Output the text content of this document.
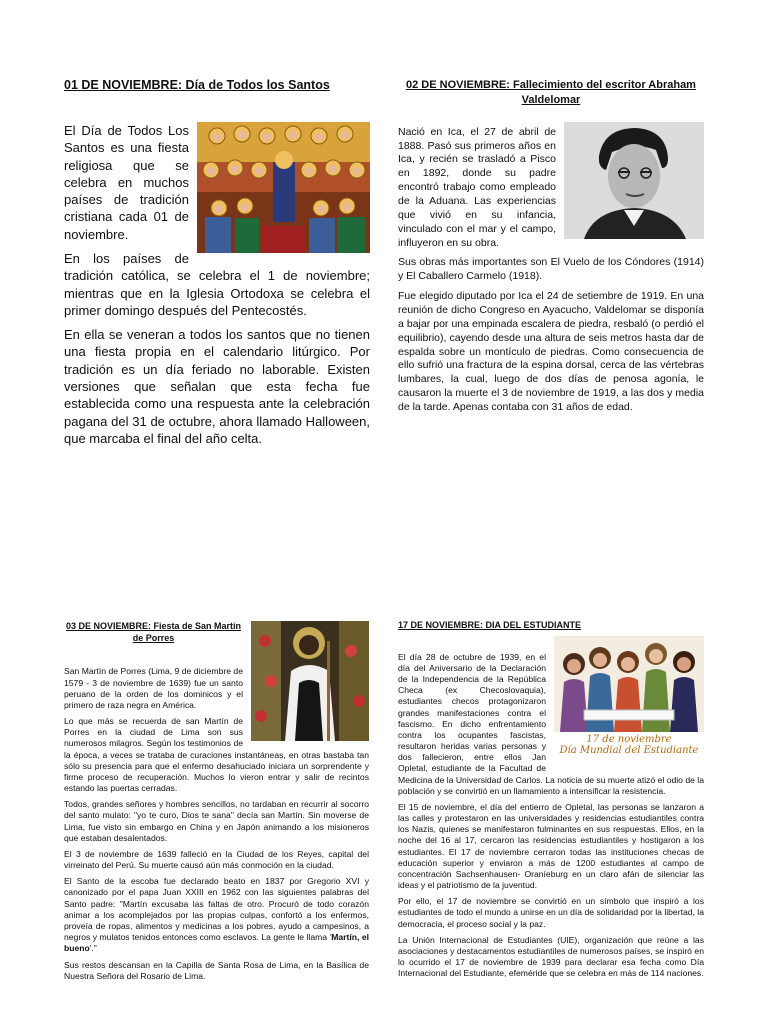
01 DE NOVIEMBRE: Día de Todos los Santos

El Día de Todos Los Santos es una fiesta religiosa que se celebra en muchos países de tradición cristiana cada 01 de noviembre.

En los países de tradición católica, se celebra el 1 de noviembre; mientras que en la Iglesia Ortodoxa se celebra el primer domingo después del Pentecostés.

En ella se veneran a todos los santos que no tienen una fiesta propia en el calendario litúrgico. Por tradición es un día feriado no laborable. Existen versiones que señalan que esta fecha fue establecida como una respuesta ante la celebración pagana del 31 de octubre, ahora llamado Halloween, que marcaba el final del año celta.

02 DE NOVIEMBRE: Fallecimiento del escritor Abraham Valdelomar

Nació en Ica, el 27 de abril de 1888. Pasó sus primeros años en Ica, y recién se trasladó a Pisco en 1892, donde su padre encontró trabajo como empleado de la Aduana. Las experiencias que vivió en su infancia, vinculado con el mar y el campo, influyeron en su obra.

Sus obras más importantes son El Vuelo de los Cóndores (1914) y El Caballero Carmelo (1918).

Fue elegido diputado por Ica el 24 de setiembre de 1919. En una reunión de dicho Congreso en Ayacucho, Valdelomar se disponía a bajar por una empinada escalera de piedra, resbaló (o perdió el equilibrio), cayendo desde una altura de seis metros hasta dar de espalda sobre un montículo de piedras. Como consecuencia de ello sufrió una fractura de la espina dorsal, cerca de las vértebras lumbares, la cual, luego de dos días de penosa agonía, le causaron la muerte el 3 de noviembre de 1919, a las dos y media de la tarde. Apenas contaba con 31 años de edad.

03 DE NOVIEMBRE: Fiesta de San Martín de Porres

San Martín de Porres (Lima, 9 de diciembre de 1579 - 3 de noviembre de 1639) fue un santo peruano de la orden de los dominicos y el primero de raza negra en América.

Lo que más se recuerda de san Martín de Porres en la ciudad de Lima son sus numerosos milagros. Según los testimonios de la época, a veces se trataba de curaciones instantáneas, en otras bastaba tan sólo su presencia para que el enfermo desahuciado iniciara un sorprendente y firme proceso de recuperación. Muchos lo vieron entrar y salir de recintos estando las puertas cerradas.

Todos, grandes señores y hombres sencillos, no tardaban en recurrir al socorro del santo mulato: "yo te curo, Dios te sana" decía san Martín. Sin moverse de Lima, fue visto sin embargo en China y en Japón animando a los misioneros que estaban desalentados.

El 3 de noviembre de 1639 falleció en la Ciudad de los Reyes, capital del virreinato del Perú. Su muerte causó aún más conmoción en la ciudad.

El Santo de la escoba fue declarado beato en 1837 por Gregorio XVI y canonizado por el papa Juan XXIII en 1962 con las siguientes palabras del Santo padre: "Martín excusaba las faltas de otro. Procuró de todo corazón animar a los acomplejados por las propias culpas, confortó a los enfermos, proveía de ropas, alimentos y medicinas a los pobres, ayudo a campesinos, a negros y mulatos tenidos entonces como esclavos. La gente le llama 'Martín, el bueno'."

Sus restos descansan en la Capilla de Santa Rosa de Lima, en la Basílica de Nuestra Señora del Rosario de Lima.

17 DE NOVIEMBRE: DIA DEL ESTUDIANTE
17 de noviembre
Día Mundial del Estudiante

El día 28 de octubre de 1939, en el día del Aniversario de la Declaración de la Independencia de la República Checa (ex Checoslovaquia), estudiantes checos protagonizaron grandes manifestaciones contra el fascismo. En dicho enfrentamiento contra los ocupantes fascistas, resultaron heridas varias personas y dos fallecieron, entre ellos Jan Opletal, estudiante de la Facultad de Medicina de la Universidad de Carlos. La noticia de su muerte atizó el odio de la población y se convirtió en un llamamiento a intensificar la resistencia.

El 15 de noviembre, el día del entierro de Opletal, las personas se lanzaron a las calles y protestaron en las universidades y residencias estudiantiles contra los Nazis, quienes se manifestaron fulminantes en sus respuestas. Ellos, en la noche del 16 al 17, cercaron las residencias estudiantiles y hostigaron a los estudiantes. El 17 de noviembre cerraron todas las instituciones checas de educación superior y enviaron a más de 1200 estudiantes al campo de concentración Sachsenhausen- Oraníeburg en un claro afán de silenciar las ideas y el patriotismo de la juventud.

Por ello, el 17 de noviembre se convirtió en un símbolo que inspiró a los estudiantes de todo el mundo a unirse en un día de solidaridad por la libertad, la democracia, el proceso social y la paz.

La Unión Internacional de Estudiantes (UIE), organización que reúne a las asociaciones y destacamentos estudiantiles de numerosos países, se inspiró en lo ocurrido el 17 de noviembre de 1939 para declarar esa fecha como Día Internacional del Estudiante, efeméride que se celebra en más de 114 naciones.
